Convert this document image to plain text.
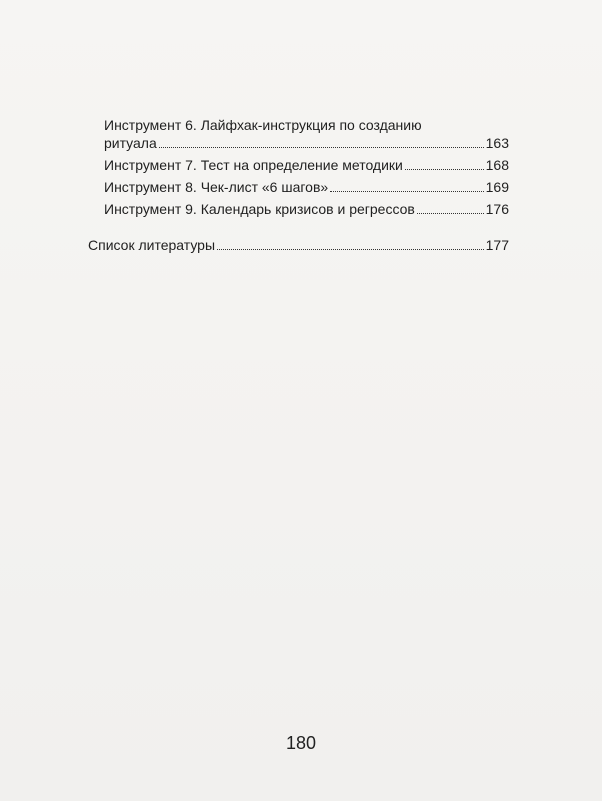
Инструмент 6. Лайфхак-инструкция по созданию
ритуала	163
Инструмент 7. Тест на определение методики	168
Инструмент 8. Чек-лист «6 шагов»	169
Инструмент 9. Календарь кризисов и регрессов	176
Список литературы	177
180
